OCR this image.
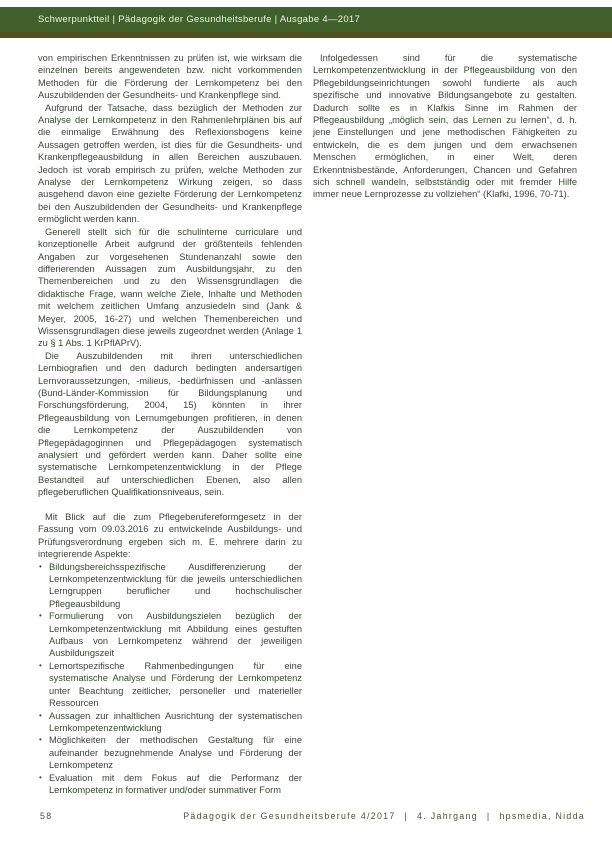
Schwerpunktteil | Pädagogik der Gesundheitsberufe | Ausgabe 4—2017

von empirischen Erkenntnissen zu prüfen ist, wie wirksam die einzelnen bereits angewendeten bzw. nicht vorkommenden Methoden für die Förderung der Lernkompetenz bei den Auszubildenden der Gesundheits- und Krankenpflege sind.

Aufgrund der Tatsache, dass bezüglich der Methoden zur Analyse der Lernkompetenz in den Rahmenlehrplänen bis auf die einmalige Erwähnung des Reflexionsbogens keine Aussagen getroffen werden, ist dies für die Gesundheits- und Krankenpflegeausbildung in allen Bereichen auszubauen. Jedoch ist vorab empirisch zu prüfen, welche Methoden zur Analyse der Lernkompetenz Wirkung zeigen, so dass ausgehend davon eine gezielte Förderung der Lernkompetenz bei den Auszubildenden der Gesundheits- und Krankenpflege ermöglicht werden kann.

Generell stellt sich für die schulinterne curriculare und konzeptionelle Arbeit aufgrund der größtenteils fehlenden Angaben zur vorgesehenen Stundenanzahl sowie den differierenden Aussagen zum Ausbildungsjahr, zu den Themenbereichen und zu den Wissensgrundlagen die didaktische Frage, wann welche Ziele, Inhalte und Methoden mit welchem zeitlichen Umfang anzusiedeln sind (Jank & Meyer, 2005, 16-27) und welchen Themenbereichen und Wissensgrundlagen diese jeweils zugeordnet werden (Anlage 1 zu § 1 Abs. 1 KrPflAPrV).

Die Auszubildenden mit ihren unterschiedlichen Lernbiografien und den dadurch bedingten andersartigen Lernvoraussetzungen, -milieus, -bedürfnissen und -anlässen (Bund-Länder-Kommission für Bildungsplanung und Forschungsförderung, 2004, 15) könnten in ihrer Pflegeausbildung von Lernumgebungen profitieren, in denen die Lernkompetenz der Auszubildenden von Pflegepädagoginnen und Pflegepädagogen systematisch analysiert und gefördert werden kann. Daher sollte eine systematische Lernkompetenzentwicklung in der Pflege Bestandteil auf unterschiedlichen Ebenen, also allen pflegeberuflichen Qualifikationsniveaus, sein.

Mit Blick auf die zum Pflegeberufereformgesetz in der Fassung vom 09.03.2016 zu entwickelnde Ausbildungs- und Prüfungsverordnung ergeben sich m. E. mehrere darin zu integrierende Aspekte:

• Bildungsbereichsspezifische Ausdifferenzierung der Lernkompetenzentwicklung für die jeweils unterschiedlichen Lerngruppen beruflicher und hochschulischer Pflegeausbildung
• Formulierung von Ausbildungszielen bezüglich der Lernkompetenzentwicklung mit Abbildung eines gestuften Aufbaus von Lernkompetenz während der jeweiligen Ausbildungszeit
• Lernortspezifische Rahmenbedingungen für eine systematische Analyse und Förderung der Lernkompetenz unter Beachtung zeitlicher, personeller und materieller Ressourcen
• Aussagen zur inhaltlichen Ausrichtung der systematischen Lernkompetenzentwicklung
• Möglichkeiten der methodischen Gestaltung für eine aufeinander bezugnehmende Analyse und Förderung der Lernkompetenz
• Evaluation mit dem Fokus auf die Performanz der Lernkompetenz in formativer und/oder summativer Form

Infolgedessen sind für die systematische Lernkompetenzentwicklung in der Pflegeausbildung von den Pflegebildungseinrichtungen sowohl fundierte als auch spezifische und innovative Bildungsangebote zu gestalten. Dadurch sollte es in Klafkis Sinne im Rahmen der Pflegeausbildung „möglich sein, das Lernen zu lernen“, d. h. jene Einstellungen und jene methodischen Fähigkeiten zu entwickeln, die es dem jungen und dem erwachsenen Menschen ermöglichen, in einer Welt, deren Erkenntnisbestände, Anforderungen, Chancen und Gefahren sich schnell wandeln, selbstständig oder mit fremder Hilfe immer neue Lernprozesse zu vollziehen“ (Klafki, 1996, 70-71).

58	Pädagogik der Gesundheitsberufe 4/2017 | 4. Jahrgang | hpsmedia, Nidda
